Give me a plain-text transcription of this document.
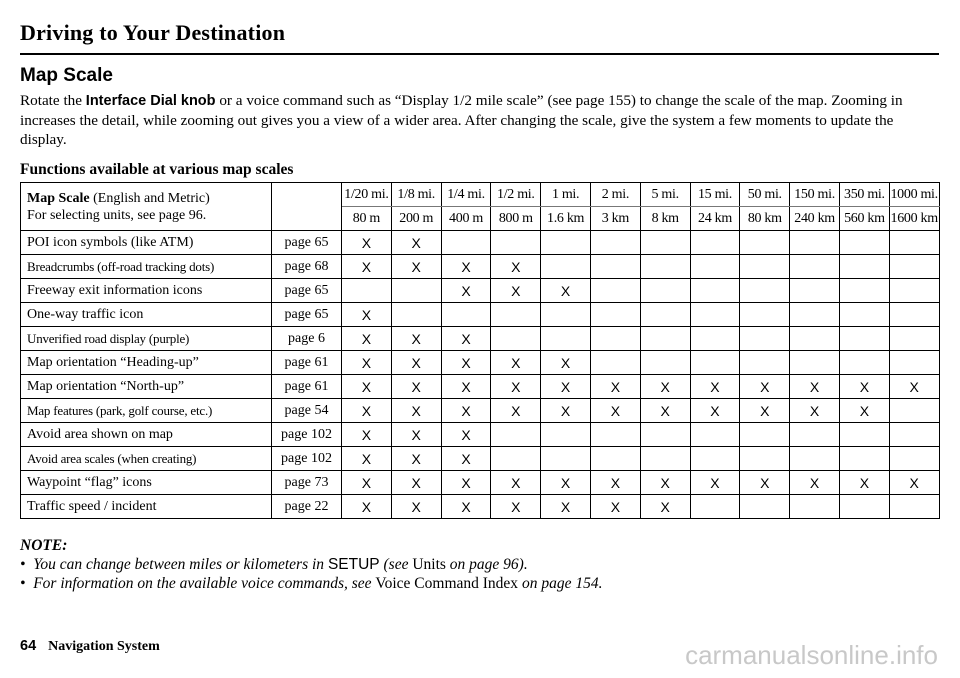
Driving to Your Destination
Map Scale
Rotate the Interface Dial knob or a voice command such as “Display 1/2 mile scale” (see page 155) to change the scale of the map. Zooming in increases the detail, while zooming out gives you a view of a wider area. After changing the scale, give the system a few moments to update the display.
Functions available at various map scales
Map Scale (English and Metric)
For selecting units, see page 96.		1/20 mi.	1/8 mi.	1/4 mi.	1/2 mi.	1 mi.	2 mi.	5 mi.	15 mi.	50 mi.	150 mi.	350 mi.	1000 mi.
		80 m	200 m	400 m	800 m	1.6 km	3 km	8 km	24 km	80 km	240 km	560 km	1600 km
POI icon symbols (like ATM)	page 65	X	X										
Breadcrumbs (off-road tracking dots)	page 68	X	X	X	X								
Freeway exit information icons	page 65			X	X	X							
One-way traffic icon	page 65	X											
Unverified road display (purple)	page 6	X	X	X									
Map orientation “Heading-up”	page 61	X	X	X	X	X							
Map orientation “North-up”	page 61	X	X	X	X	X	X	X	X	X	X	X	X
Map features (park, golf course, etc.)	page 54	X	X	X	X	X	X	X	X	X	X	X	
Avoid area shown on map	page 102	X	X	X									
Avoid area scales (when creating)	page 102	X	X	X									
Waypoint “flag” icons	page 73	X	X	X	X	X	X	X	X	X	X	X	X
Traffic speed / incident	page 22	X	X	X	X	X	X	X					
NOTE:
•  You can change between miles or kilometers in SETUP (see Units on page 96).
•  For information on the available voice commands, see Voice Command Index on page 154.
64 Navigation System	carmanualsonline.info
